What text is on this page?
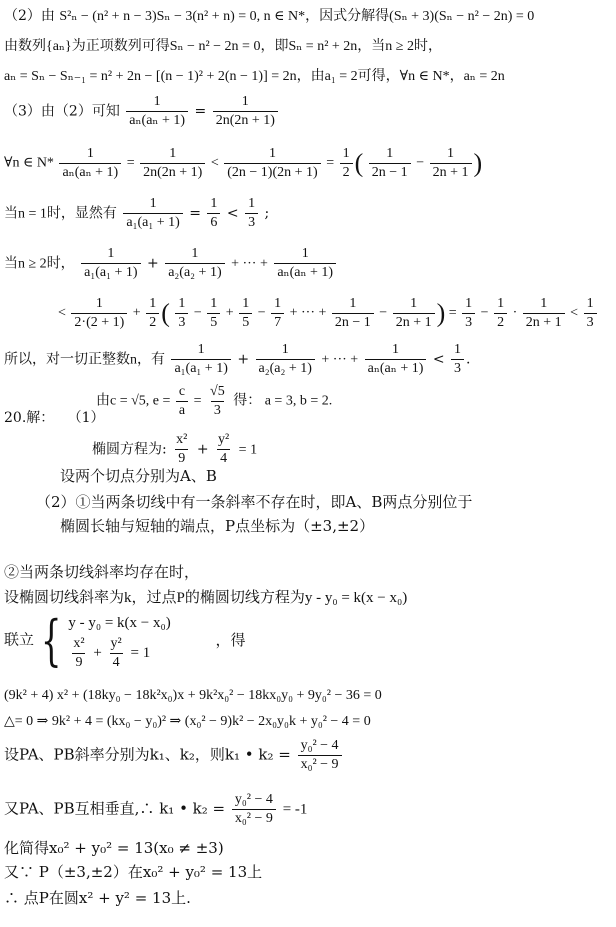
（2）由 S²ₙ − (n² + n − 3)Sₙ − 3(n² + n) = 0, n ∈ N*，因式分解得(Sₙ + 3)(Sₙ − n² − 2n) = 0
由数列{aₙ}为正项数列可得Sₙ − n² − 2n = 0，即Sₙ = n² + 2n，当n ≥ 2时，
aₙ = Sₙ − Sₙ₋₁ = n² + 2n − [(n − 1)² + 2(n − 1)] = 2n，由a₁ = 2可得，∀n ∈ N*，aₙ = 2n
（3）由（2）可知 $\frac{1}{\text{aₙ(aₙ + 1)}} = \frac{1}{2n(2n + 1)}$
∀n ∈ $N* \frac{1}{\text{aₙ(aₙ + 1)}} = \frac{1}{2n(2n + 1)} < \frac{1}{(2n - 1)(2n + 1)} = \frac{1}{2}$ ( $\frac{1}{2n - 1} - \frac{1}{2n + 1}$ )
当n = 1时，显然有 $\frac{1}{\text{a₁(a₁ + 1)}} = \frac{1}{6} < \frac{1}{3}$ ;
当n ≥ 2时， $\frac{1}{\text{a₁(a₁ + 1)}} + \frac{1}{\text{a₂(a₂ + 1)}}$ + ··· + $\frac{1}{\text{aₙ(aₙ + 1)}}$
< $\frac{1}{2\cdot(2 + 1)} + \frac{1}{2}$ ( $\frac{1}{3} - \frac{1}{5} + \frac{1}{5} - \frac{1}{7}$ + ··· + $\frac{1}{2n - 1} - \frac{1}{2n + 1}$ ) = $\frac{1}{3} - \frac{1}{2} \cdot \frac{1}{2n + 1} < \frac{1}{3}$
所以，对一切正整数n，有 $\frac{1}{\text{a₁(a₁ + 1)}} + \frac{1}{\text{a₂(a₂ + 1)}}$ + ··· + $\frac{1}{\text{aₙ(aₙ + 1)}} < \frac{1}{3}$ .
由c = √5, $e = \frac{c}{a} = \frac{√5}{3}$ 得： a = 3, b = 2.
20.解： （1）
椭圆方程为: $\frac{\text{x²}}{9} + \frac{\text{y²}}{4} = 1$
设两个切点分别为A、B
（2）①当两条切线中有一条斜率不存在时，即A、B两点分别位于
椭圆长轴与短轴的端点，P点坐标为（±3,±2）
②当两条切线斜率均存在时，
设椭圆切线斜率为k，过点P的椭圆切线方程为y - y₀ = k(x − x₀)
联立 { y - y₀ = k(x − x₀)
$\frac{\text{x²}}{9} + \frac{\text{y²}}{4} = 1$
，得
(9k² + 4) x² + (18ky₀ − 18k²x₀)x + 9k²x₀² − 18kx₀y₀ + 9y₀² − 36 = 0
△= 0 ⇒ 9k² + 4 = (kx₀ − y₀)² ⇒ (x₀² − 9)k² − 2x₀y₀k + y₀² − 4 = 0
设PA、PB斜率分别为k₁、k₂，则k₁ • $k_2 = \frac{\text{y₀² − 4}}{\text{x₀² − 9}}$
又PA、PB互相垂直,∴ k₁ • $k_2 = \frac{\text{y₀² − 4}}{\text{x₀² − 9}} = -1$
化简得x₀² + y₀² = 13(x₀ ≠ ±3)
又∵ P（±3,±2）在x₀² + y₀² = 13上
∴ 点P在圆x² + y² = 13上.
